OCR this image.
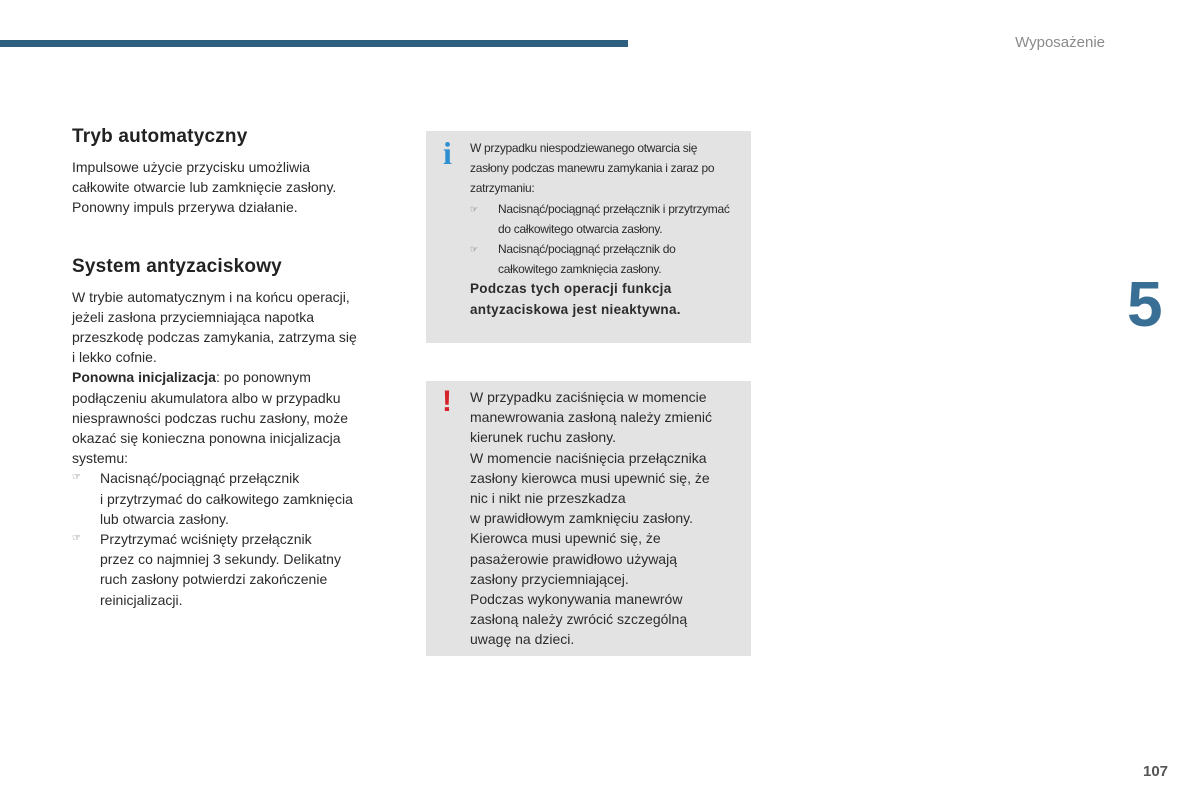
Wyposażenie
5
107
Tryb automatyczny
Impulsowe użycie przycisku umożliwia
całkowite otwarcie lub zamknięcie zasłony.
Ponowny impuls przerywa działanie.
System antyzaciskowy
W trybie automatycznym i na końcu operacji,
jeżeli zasłona przyciemniająca napotka
przeszkodę podczas zamykania, zatrzyma się
i lekko cofnie.
Ponowna inicjalizacja: po ponownym
podłączeniu akumulatora albo w przypadku
niesprawności podczas ruchu zasłony, może
okazać się konieczna ponowna inicjalizacja
systemu:
☞ Nacisnąć/pociągnąć przełącznik
i przytrzymać do całkowitego zamknięcia
lub otwarcia zasłony.
☞ Przytrzymać wciśnięty przełącznik
przez co najmniej 3 sekundy. Delikatny
ruch zasłony potwierdzi zakończenie
reinicjalizacji.
i W przypadku niespodziewanego otwarcia się
zasłony podczas manewru zamykania i zaraz po
zatrzymaniu:
☞ Nacisnąć/pociągnąć przełącznik i przytrzymać
do całkowitego otwarcia zasłony.
☞ Nacisnąć/pociągnąć przełącznik do
całkowitego zamknięcia zasłony.
Podczas tych operacji funkcja
antyzaciskowa jest nieaktywna.
! W przypadku zaciśnięcia w momencie
manewrowania zasłoną należy zmienić
kierunek ruchu zasłony.
W momencie naciśnięcia przełącznika
zasłony kierowca musi upewnić się, że
nic i nikt nie przeszkadza
w prawidłowym zamknięciu zasłony.
Kierowca musi upewnić się, że
pasażerowie prawidłowo używają
zasłony przyciemniającej.
Podczas wykonywania manewrów
zasłoną należy zwrócić szczególną
uwagę na dzieci.
